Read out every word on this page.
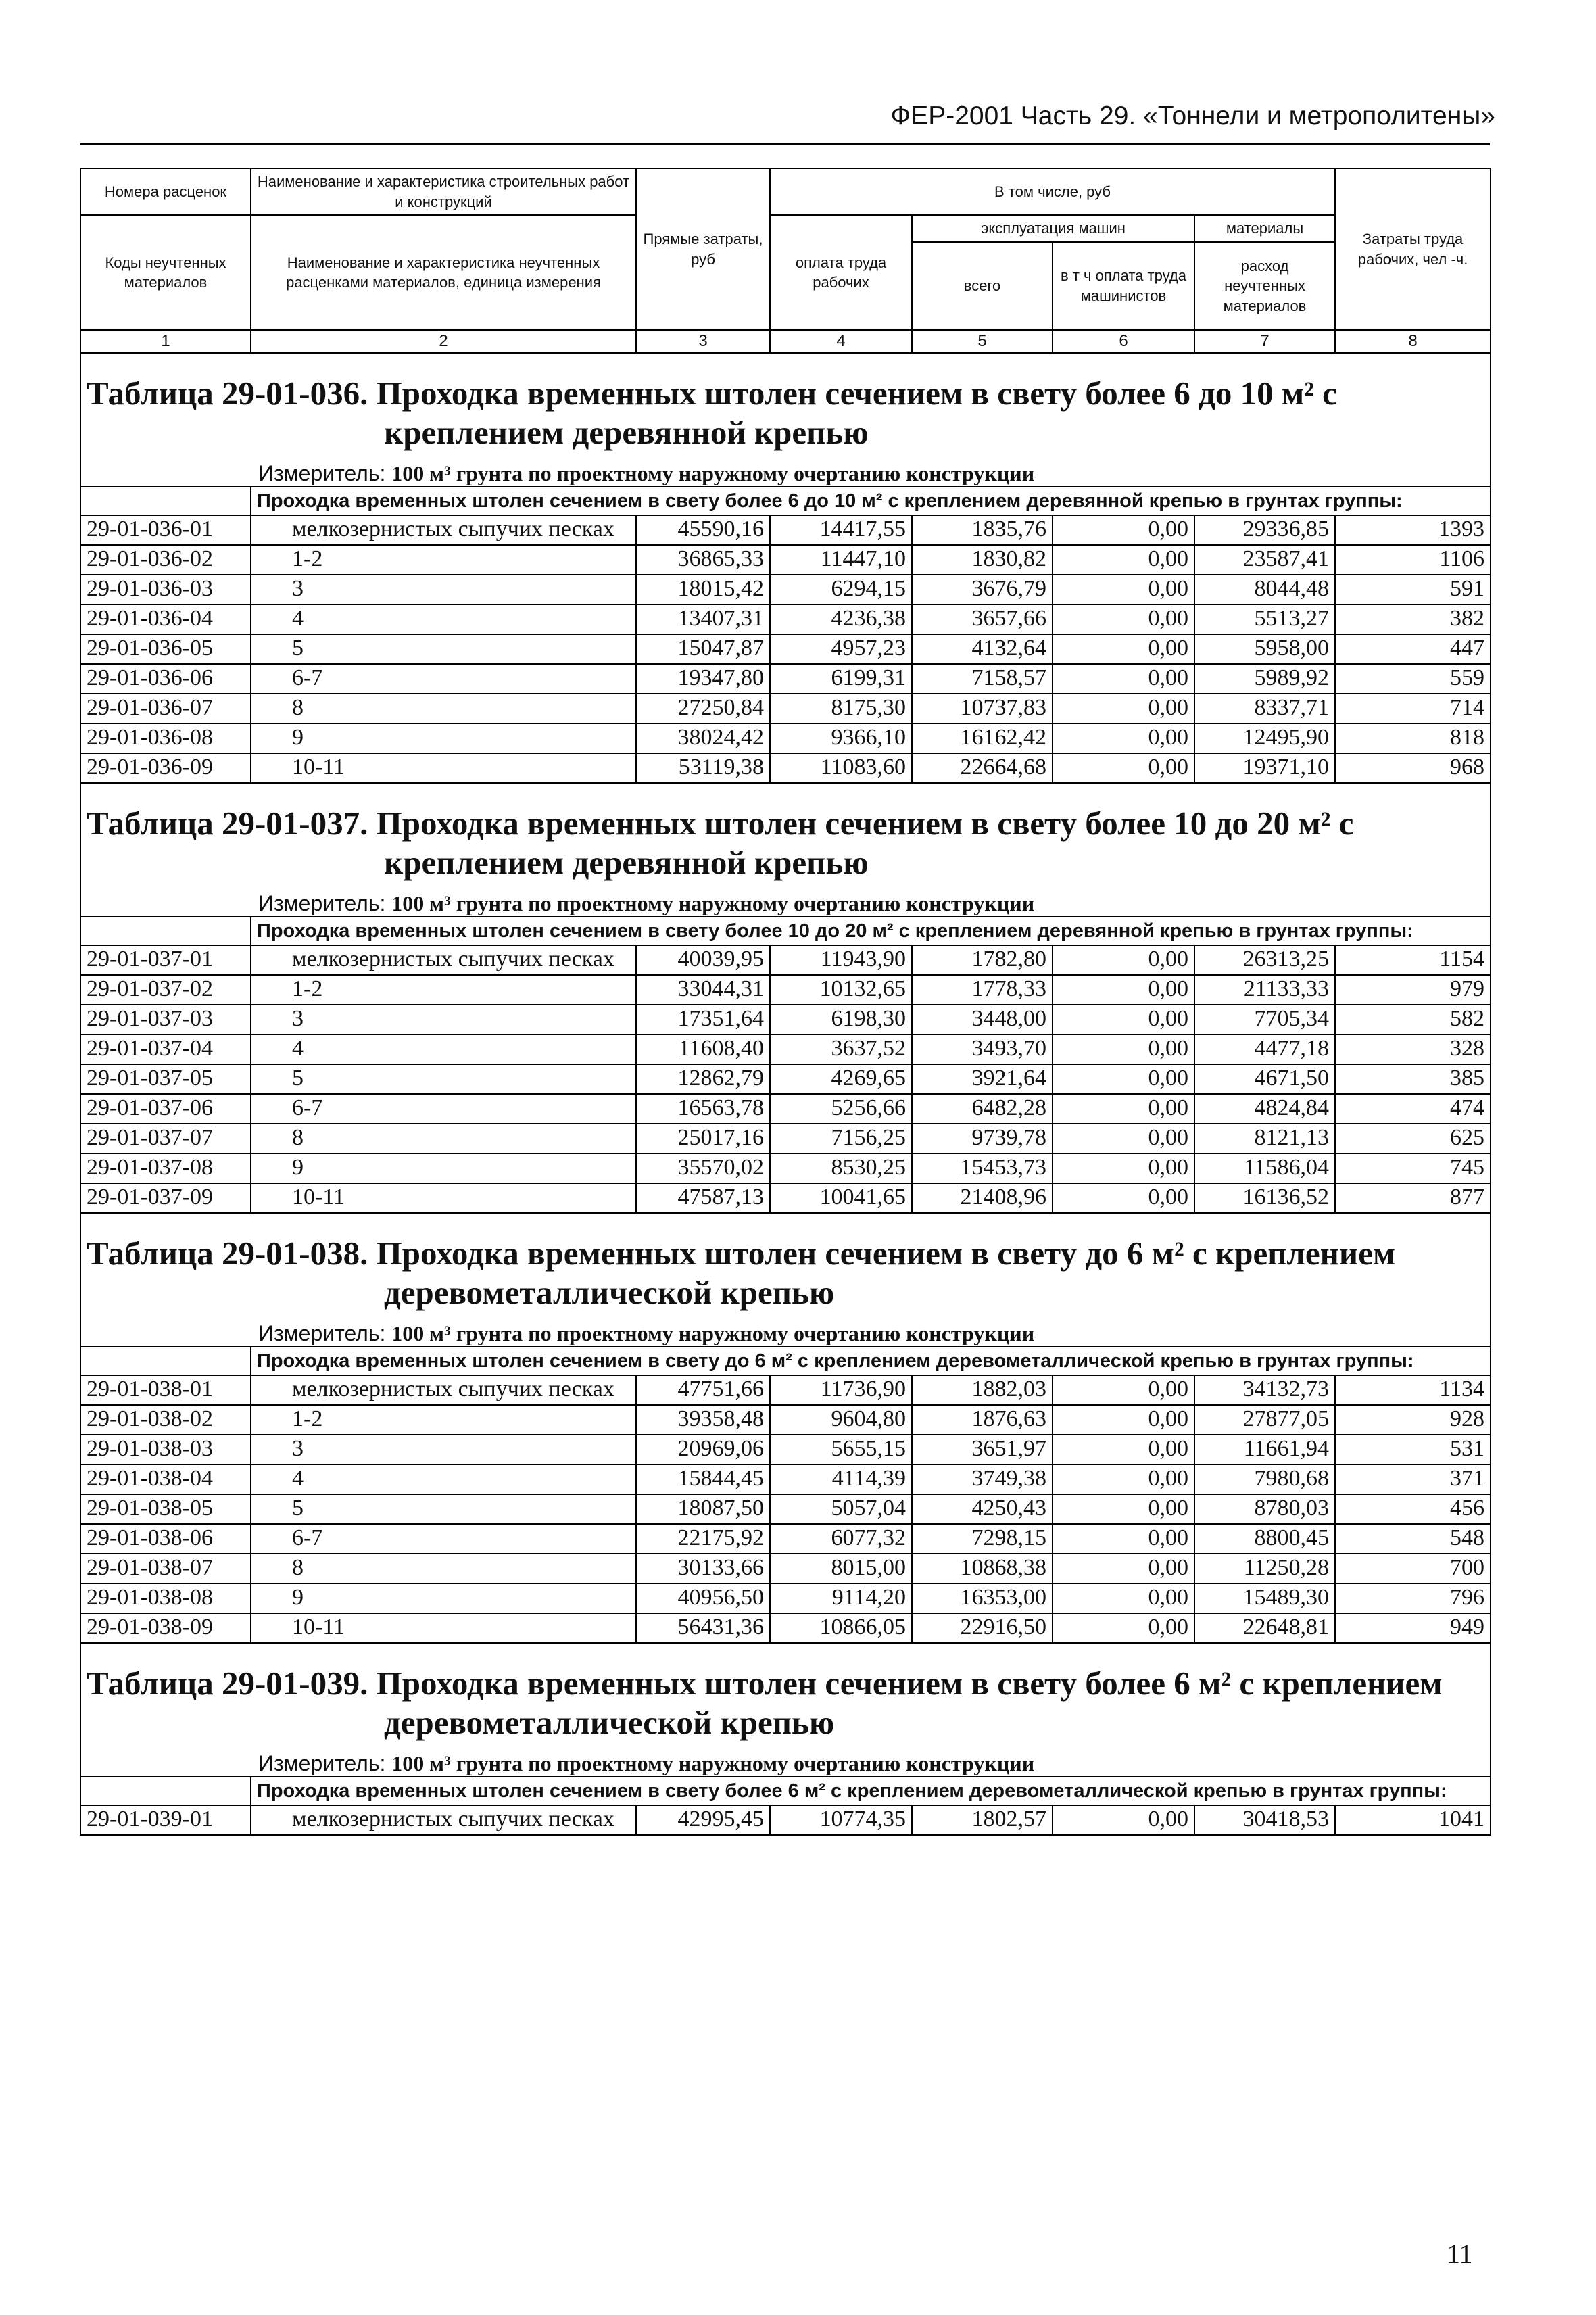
ФЕР-2001 Часть 29. «Тоннели и метрополитены»
Номера расценок	Наименование и характеристика строительных работ и конструкций	Прямые затраты, руб	В том числе, руб				Затраты труда рабочих, чел -ч.
Коды неучтенных материалов	Наименование и характеристика неучтенных расценками материалов, единица измерения		оплата труда рабочих	эксплуатация машин		материалы	
				всего	в т ч оплата труда машинистов	расход неучтенных материалов	
1	2	3	4	5	6	7	8
Таблица 29-01-036. Проходка временных штолен сечением в свету более 6 до 10 м² с
креплением деревянной крепью							

Измеритель: 100 м³ грунта по проектному наружному очертанию конструкции							
	Проходка временных штолен сечением в свету более 6 до 10 м² с креплением деревянной крепью в грунтах группы:						
29-01-036-01	мелкозернистых сыпучих песках	45590,16	14417,55	1835,76	0,00	29336,85	1393
29-01-036-02	1-2	36865,33	11447,10	1830,82	0,00	23587,41	1106
29-01-036-03	3	18015,42	6294,15	3676,79	0,00	8044,48	591
29-01-036-04	4	13407,31	4236,38	3657,66	0,00	5513,27	382
29-01-036-05	5	15047,87	4957,23	4132,64	0,00	5958,00	447
29-01-036-06	6-7	19347,80	6199,31	7158,57	0,00	5989,92	559
29-01-036-07	8	27250,84	8175,30	10737,83	0,00	8337,71	714
29-01-036-08	9	38024,42	9366,10	16162,42	0,00	12495,90	818
29-01-036-09	10-11	53119,38	11083,60	22664,68	0,00	19371,10	968
Таблица 29-01-037. Проходка временных штолен сечением в свету более 10 до 20 м² с
креплением деревянной крепью							

Измеритель: 100 м³ грунта по проектному наружному очертанию конструкции							
	Проходка временных штолен сечением в свету более 10 до 20 м² с креплением деревянной крепью в грунтах группы:						
29-01-037-01	мелкозернистых сыпучих песках	40039,95	11943,90	1782,80	0,00	26313,25	1154
29-01-037-02	1-2	33044,31	10132,65	1778,33	0,00	21133,33	979
29-01-037-03	3	17351,64	6198,30	3448,00	0,00	7705,34	582
29-01-037-04	4	11608,40	3637,52	3493,70	0,00	4477,18	328
29-01-037-05	5	12862,79	4269,65	3921,64	0,00	4671,50	385
29-01-037-06	6-7	16563,78	5256,66	6482,28	0,00	4824,84	474
29-01-037-07	8	25017,16	7156,25	9739,78	0,00	8121,13	625
29-01-037-08	9	35570,02	8530,25	15453,73	0,00	11586,04	745
29-01-037-09	10-11	47587,13	10041,65	21408,96	0,00	16136,52	877
Таблица 29-01-038. Проходка временных штолен сечением в свету до 6 м² с креплением
деревометаллической крепью							

Измеритель: 100 м³ грунта по проектному наружному очертанию конструкции							
	Проходка временных штолен сечением в свету до 6 м² с креплением деревометаллической крепью в грунтах группы:						
29-01-038-01	мелкозернистых сыпучих песках	47751,66	11736,90	1882,03	0,00	34132,73	1134
29-01-038-02	1-2	39358,48	9604,80	1876,63	0,00	27877,05	928
29-01-038-03	3	20969,06	5655,15	3651,97	0,00	11661,94	531
29-01-038-04	4	15844,45	4114,39	3749,38	0,00	7980,68	371
29-01-038-05	5	18087,50	5057,04	4250,43	0,00	8780,03	456
29-01-038-06	6-7	22175,92	6077,32	7298,15	0,00	8800,45	548
29-01-038-07	8	30133,66	8015,00	10868,38	0,00	11250,28	700
29-01-038-08	9	40956,50	9114,20	16353,00	0,00	15489,30	796
29-01-038-09	10-11	56431,36	10866,05	22916,50	0,00	22648,81	949
Таблица 29-01-039. Проходка временных штолен сечением в свету более 6 м² с креплением
деревометаллической крепью							

Измеритель: 100 м³ грунта по проектному наружному очертанию конструкции							
	Проходка временных штолен сечением в свету более 6 м² с креплением деревометаллической крепью в грунтах группы:						
29-01-039-01	мелкозернистых сыпучих песках	42995,45	10774,35	1802,57	0,00	30418,53	1041
11
